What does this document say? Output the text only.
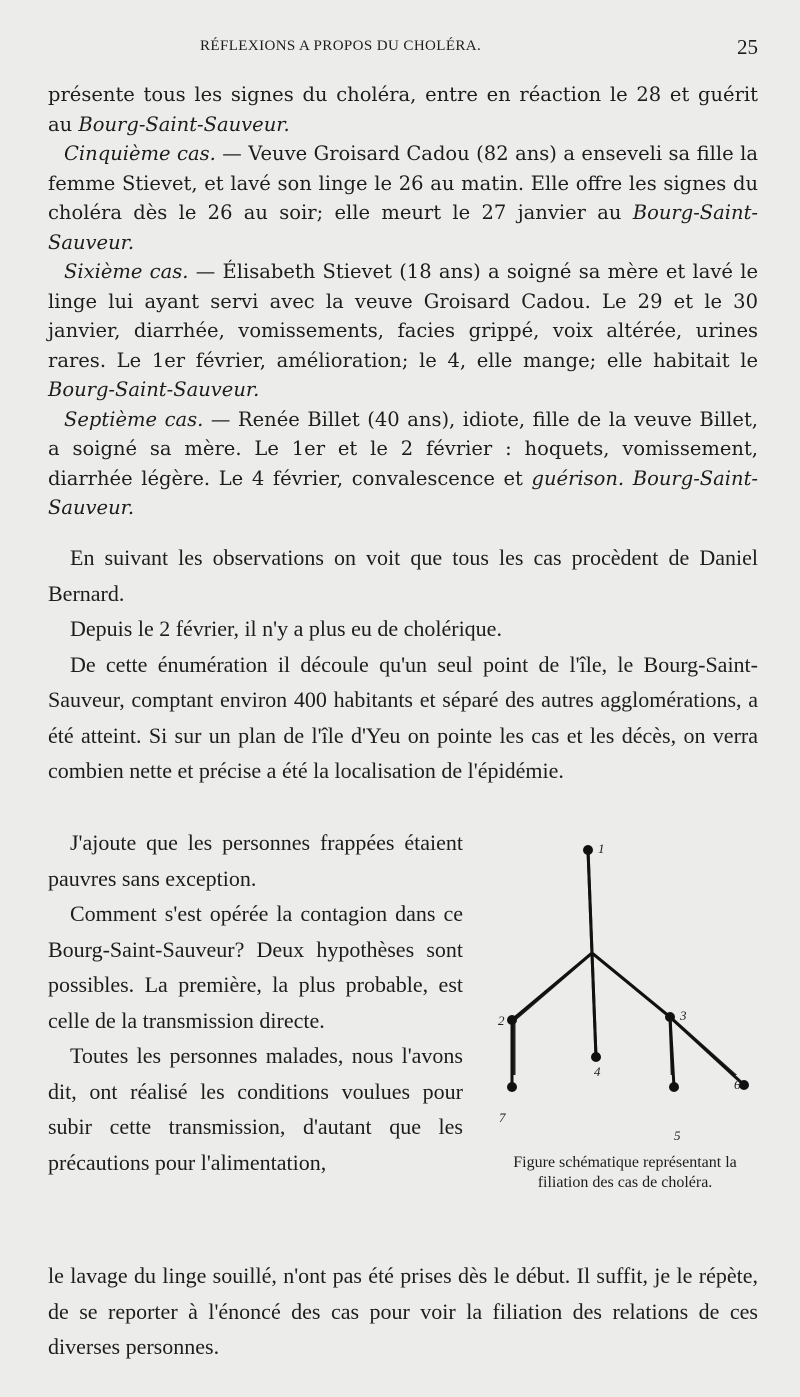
RÉFLEXIONS A PROPOS DU CHOLÉRA.	25

présente tous les signes du choléra, entre en réaction le 28 et guérit au Bourg-Saint-Sauveur.

Cinquième cas. — Veuve Groisard Cadou (82 ans) a enseveli sa fille la femme Stievet, et lavé son linge le 26 au matin. Elle offre les signes du choléra dès le 26 au soir; elle meurt le 27 janvier au Bourg-Saint-Sauveur.

Sixième cas. — Élisabeth Stievet (18 ans) a soigné sa mère et lavé le linge lui ayant servi avec la veuve Groisard Cadou. Le 29 et le 30 janvier, diarrhée, vomissements, facies grippé, voix altérée, urines rares. Le 1er février, amélioration; le 4, elle mange; elle habitait le Bourg-Saint-Sauveur.

Septième cas. — Renée Billet (40 ans), idiote, fille de la veuve Billet, a soigné sa mère. Le 1er et le 2 février : hoquets, vomissement, diarrhée légère. Le 4 février, convalescence et guérison. Bourg-Saint-Sauveur.

En suivant les observations on voit que tous les cas procèdent de Daniel Bernard.

Depuis le 2 février, il n'y a plus eu de cholérique.

De cette énumération il découle qu'un seul point de l'île, le Bourg-Saint-Sauveur, comptant environ 400 habitants et séparé des autres agglomérations, a été atteint. Si sur un plan de l'île d'Yeu on pointe les cas et les décès, on verra combien nette et précise a été la localisation de l'épidémie.

J'ajoute que les personnes frappées étaient pauvres sans exception.

Comment s'est opérée la contagion dans ce Bourg-Saint-Sauveur? Deux hypothèses sont possibles. La première, la plus probable, est celle de la transmission directe.

Toutes les personnes malades, nous l'avons dit, ont réalisé les conditions voulues pour subir cette transmission, d'autant que les précautions pour l'alimentation,

le lavage du linge souillé, n'ont pas été prises dès le début. Il suffit, je le répète, de se reporter à l'énoncé des cas pour voir la filiation des relations de ces diverses personnes.

1
2	3
4
5
6
7
Figure schématique représentant la filiation des cas de choléra.
